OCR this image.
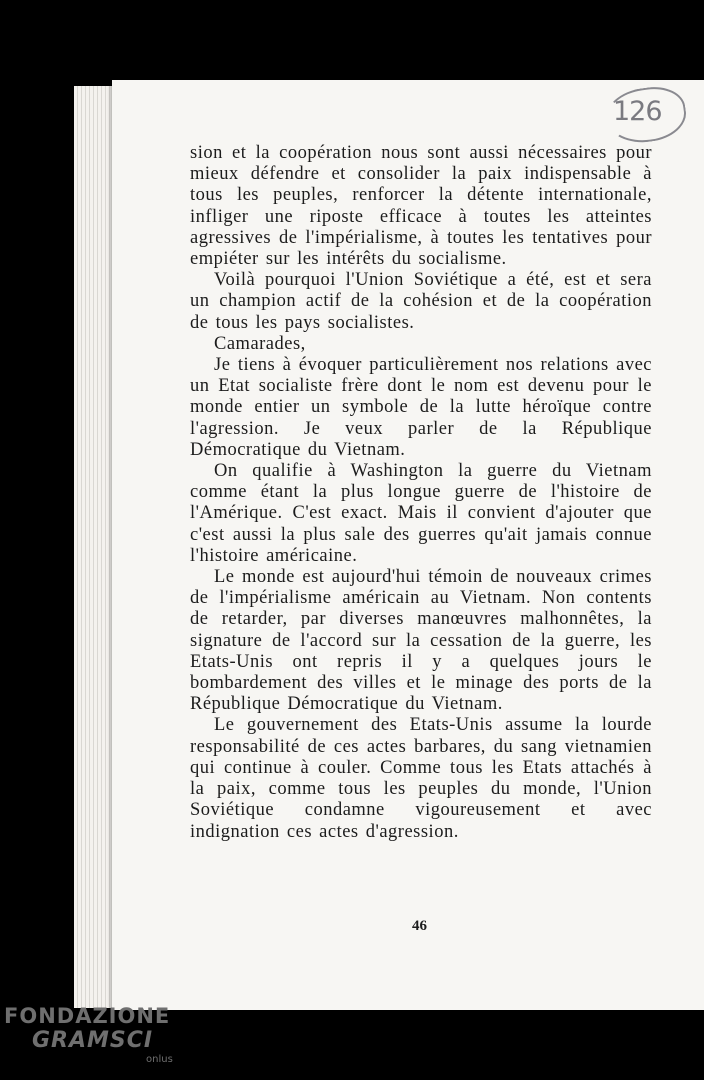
126

sion et la coopération nous sont aussi nécessaires pour mieux défendre et consolider la paix indispensable à tous les peuples, renforcer la détente internationale, infliger une riposte efficace à toutes les atteintes agressives de l'impérialisme, à toutes les tentatives pour empiéter sur les intérêts du socialisme.

Voilà pourquoi l'Union Soviétique a été, est et sera un champion actif de la cohésion et de la coopération de tous les pays socialistes.

Camarades,

Je tiens à évoquer particulièrement nos relations avec un Etat socialiste frère dont le nom est devenu pour le monde entier un symbole de la lutte héroïque contre l'agression. Je veux parler de la République Démocratique du Vietnam.

On qualifie à Washington la guerre du Vietnam comme étant la plus longue guerre de l'histoire de l'Amérique. C'est exact. Mais il convient d'ajouter que c'est aussi la plus sale des guerres qu'ait jamais connue l'histoire américaine.

Le monde est aujourd'hui témoin de nouveaux crimes de l'impérialisme américain au Vietnam. Non contents de retarder, par diverses manœuvres malhonnêtes, la signature de l'accord sur la cessation de la guerre, les Etats-Unis ont repris il y a quelques jours le bombardement des villes et le minage des ports de la République Démocratique du Vietnam.

Le gouvernement des Etats-Unis assume la lourde responsabilité de ces actes barbares, du sang vietnamien qui continue à couler. Comme tous les Etats attachés à la paix, comme tous les peuples du monde, l'Union Soviétique condamne vigoureusement et avec indignation ces actes d'agression.

46
FONDAZIONE
GRAMSCI
onlus
